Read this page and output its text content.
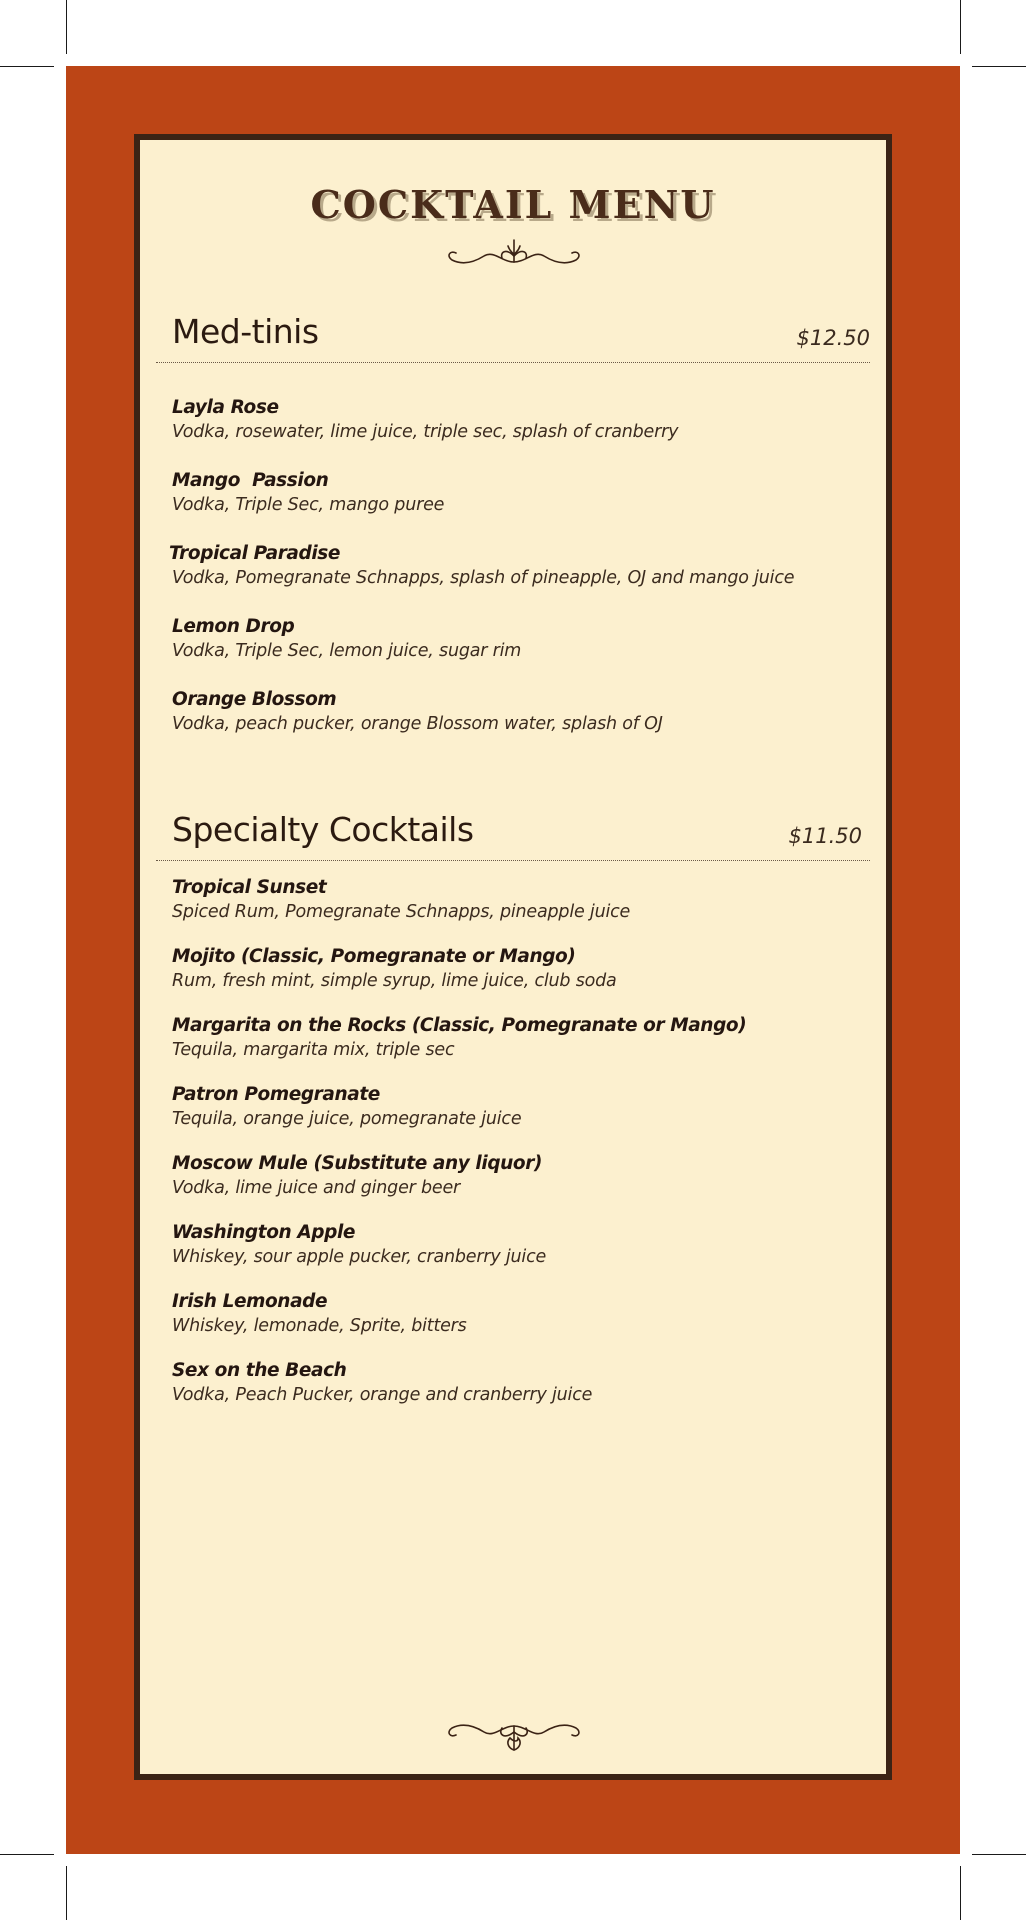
COCKTAIL MENU
Med-tinis	$12.50
Layla Rose
Vodka, rosewater, lime juice, triple sec, splash of cranberry
Mango  Passion
Vodka, Triple Sec, mango puree
Tropical Paradise
Vodka, Pomegranate Schnapps, splash of pineapple, OJ and mango juice
Lemon Drop
Vodka, Triple Sec, lemon juice, sugar rim
Orange Blossom
Vodka, peach pucker, orange Blossom water, splash of OJ
Specialty Cocktails	$11.50
Tropical Sunset
Spiced Rum, Pomegranate Schnapps, pineapple juice
Mojito (Classic, Pomegranate or Mango)
Rum, fresh mint, simple syrup, lime juice, club soda
Margarita on the Rocks (Classic, Pomegranate or Mango)
Tequila, margarita mix, triple sec
Patron Pomegranate
Tequila, orange juice, pomegranate juice
Moscow Mule (Substitute any liquor)
Vodka, lime juice and ginger beer
Washington Apple
Whiskey, sour apple pucker, cranberry juice
Irish Lemonade
Whiskey, lemonade, Sprite, bitters
Sex on the Beach
Vodka, Peach Pucker, orange and cranberry juice
